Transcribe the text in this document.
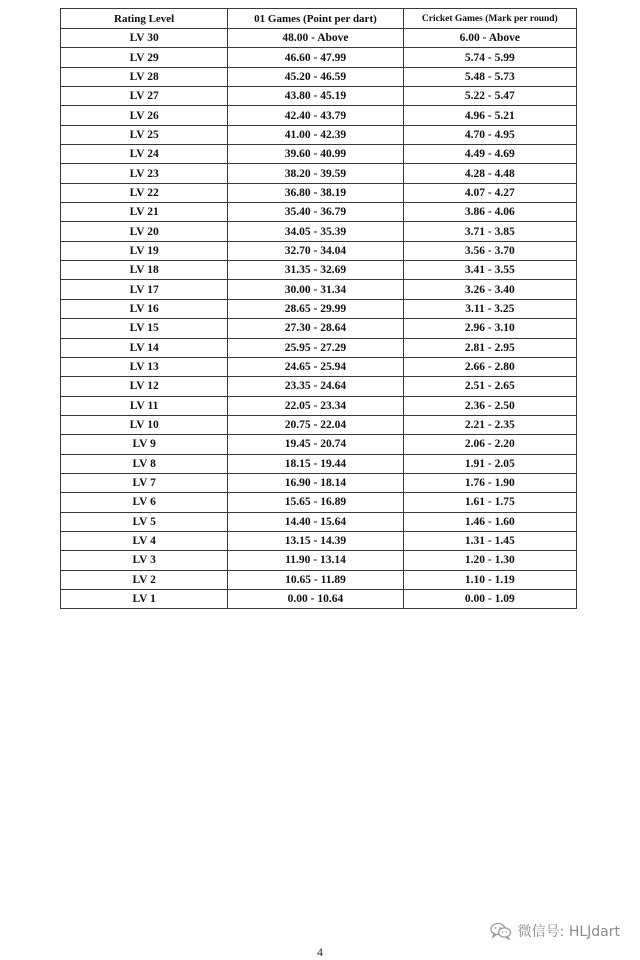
Rating Level	01 Games (Point per dart)	Cricket Games (Mark per round)
LV 30	48.00 - Above	6.00 - Above
LV 29	46.60 - 47.99	5.74 - 5.99
LV 28	45.20 - 46.59	5.48 - 5.73
LV 27	43.80 - 45.19	5.22 - 5.47
LV 26	42.40 - 43.79	4.96 - 5.21
LV 25	41.00 - 42.39	4.70 - 4.95
LV 24	39.60 - 40.99	4.49 - 4.69
LV 23	38.20 - 39.59	4.28 - 4.48
LV 22	36.80 - 38.19	4.07 - 4.27
LV 21	35.40 - 36.79	3.86 - 4.06
LV 20	34.05 - 35.39	3.71 - 3.85
LV 19	32.70 - 34.04	3.56 - 3.70
LV 18	31.35 - 32.69	3.41 - 3.55
LV 17	30.00 - 31.34	3.26 - 3.40
LV 16	28.65 - 29.99	3.11 - 3.25
LV 15	27.30 - 28.64	2.96 - 3.10
LV 14	25.95 - 27.29	2.81 - 2.95
LV 13	24.65 - 25.94	2.66 - 2.80
LV 12	23.35 - 24.64	2.51 - 2.65
LV 11	22.05 - 23.34	2.36 - 2.50
LV 10	20.75 - 22.04	2.21 - 2.35
LV 9	19.45 - 20.74	2.06 - 2.20
LV 8	18.15 - 19.44	1.91 - 2.05
LV 7	16.90 - 18.14	1.76 - 1.90
LV 6	15.65 - 16.89	1.61 - 1.75
LV 5	14.40 - 15.64	1.46 - 1.60
LV 4	13.15 - 14.39	1.31 - 1.45
LV 3	11.90 - 13.14	1.20 - 1.30
LV 2	10.65 - 11.89	1.10 - 1.19
LV 1	0.00 - 10.64	0.00 - 1.09
4
微信号: HLJdart
